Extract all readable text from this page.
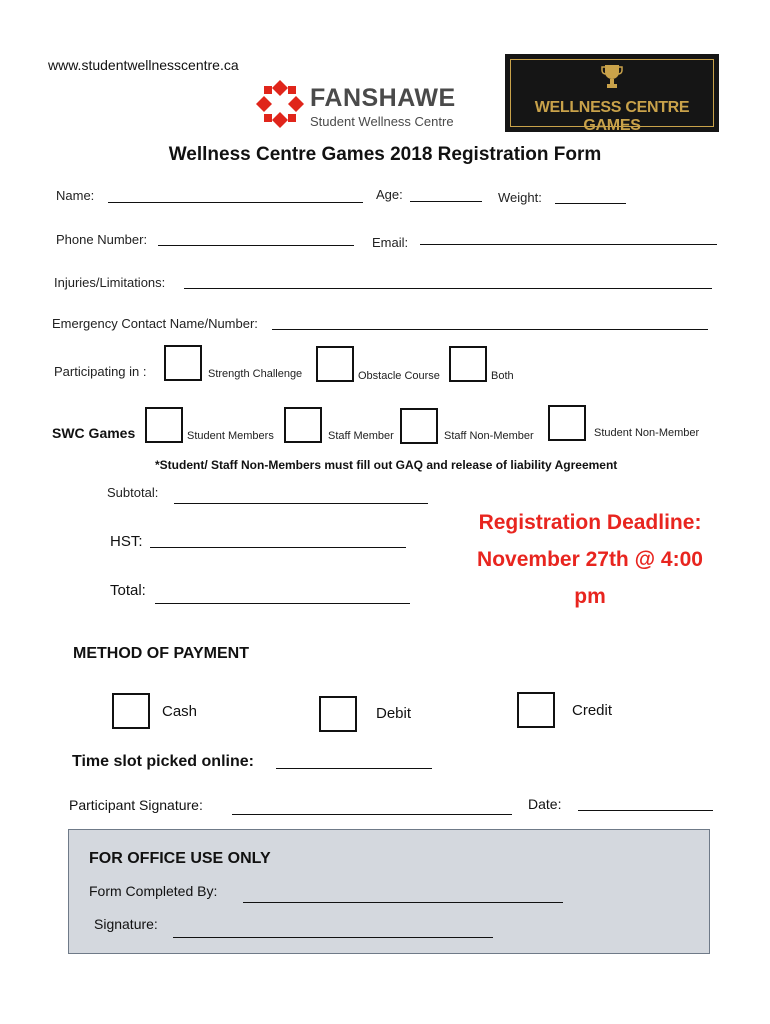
www.studentwellnesscentre.ca
FANSHAWE
Student Wellness Centre
WELLNESS CENTRE GAMES
Wellness Centre Games 2018 Registration Form
Name:	Age:	Weight:
Phone Number:	Email:
Injuries/Limitations:
Emergency Contact Name/Number:
Participating in :	Strength Challenge	Obstacle Course	Both
SWC Games	Student Members	Staff Member	Staff Non-Member	Student Non-Member
*Student/ Staff Non-Members must fill out GAQ and release of liability Agreement
Subtotal:
HST:
Total:
Registration Deadline:
November 27th @ 4:00
pm
METHOD OF PAYMENT
Cash	Debit	Credit
Time slot picked online:
Participant Signature:	Date:
FOR OFFICE USE ONLY
Form Completed By:
Signature:
